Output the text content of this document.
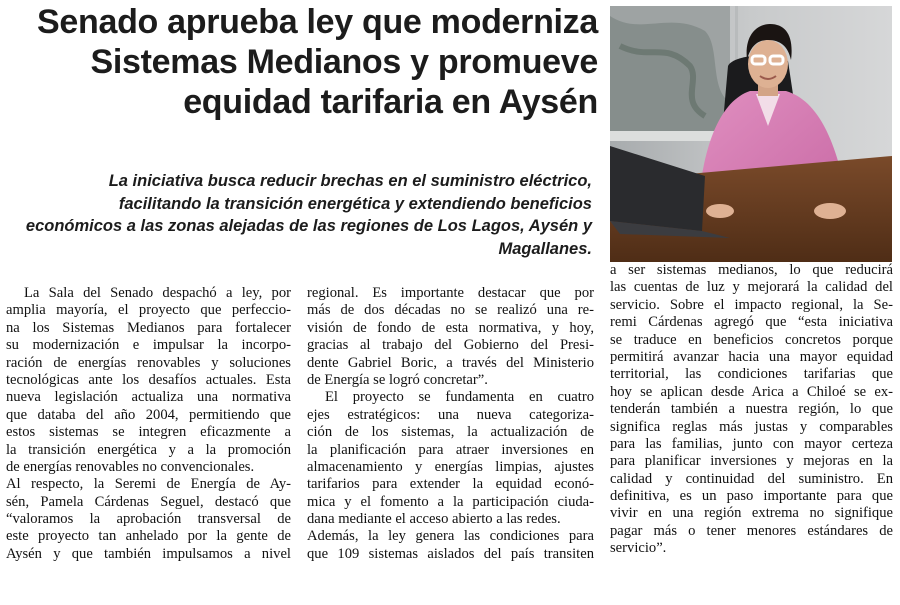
Senado aprueba ley que moderniza
Sistemas Medianos y promueve
equidad tarifaria en Aysén

La iniciativa busca reducir brechas en el suministro eléctrico,
facilitando la transición energética y extendiendo beneficios
económicos a las zonas alejadas de las regiones de Los Lagos, Aysén y
Magallanes.

La Sala del Senado despachó a ley, por
amplia mayoría, el proyecto que perfeccio-
na los Sistemas Medianos para fortalecer
su modernización e impulsar la incorpo-
ración de energías renovables y soluciones
tecnológicas ante los desafíos actuales. Esta
nueva legislación actualiza una normativa
que databa del año 2004, permitiendo que
estos sistemas se integren eficazmente a
la transición energética y a la promoción
de energías renovables no convencionales.
Al respecto, la Seremi de Energía de Ay-
sén, Pamela Cárdenas Seguel, destacó que
“valoramos la aprobación transversal de
este proyecto tan anhelado por la gente de
Aysén y que también impulsamos a nivel
regional. Es importante destacar que por
más de dos décadas no se realizó una re-
visión de fondo de esta normativa, y hoy,
gracias al trabajo del Gobierno del Presi-
dente Gabriel Boric, a través del Ministerio
de Energía se logró concretar”.
El proyecto se fundamenta en cuatro
ejes estratégicos: una nueva categoriza-
ción de los sistemas, la actualización de
la planificación para atraer inversiones en
almacenamiento y energías limpias, ajustes
tarifarios para extender la equidad econó-
mica y el fomento a la participación ciuda-
dana mediante el acceso abierto a las redes.
Además, la ley genera las condiciones para
que 109 sistemas aislados del país transiten
a ser sistemas medianos, lo que reducirá
las cuentas de luz y mejorará la calidad del
servicio. Sobre el impacto regional, la Se-
remi Cárdenas agregó que “esta iniciativa
se traduce en beneficios concretos porque
permitirá avanzar hacia una mayor equidad
territorial, las condiciones tarifarias que
hoy se aplican desde Arica a Chiloé se ex-
tenderán también a nuestra región, lo que
significa reglas más justas y comparables
para las familias, junto con mayor certeza
para planificar inversiones y mejoras en la
calidad y continuidad del suministro. En
definitiva, es un paso importante para que
vivir en una región extrema no signifique
pagar más o tener menores estándares de
servicio”.
